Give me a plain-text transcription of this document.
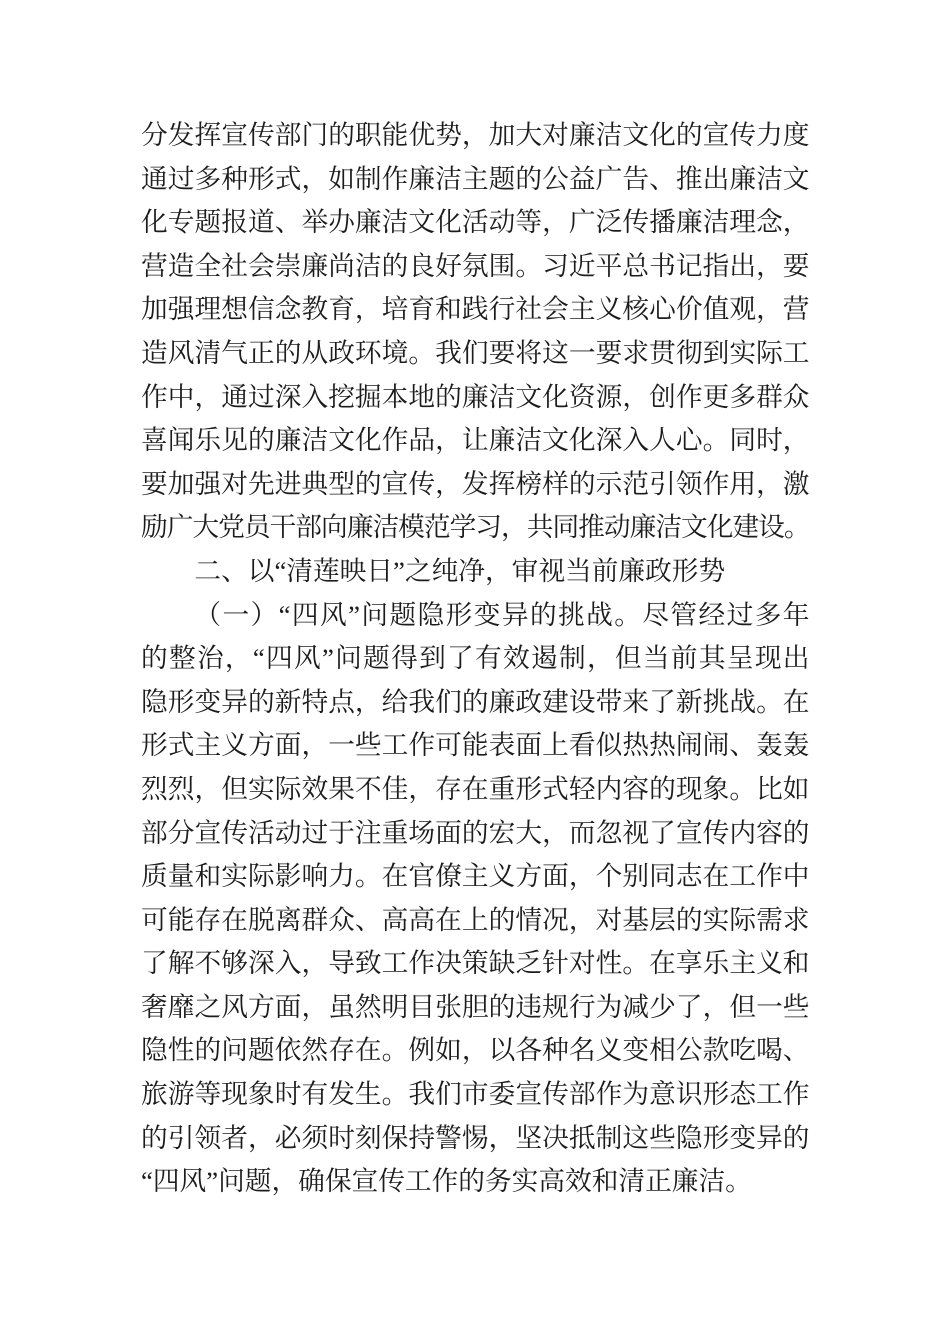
分发挥宣传部门的职能优势，加大对廉洁文化的宣传力度
通过多种形式，如制作廉洁主题的公益广告、推出廉洁文
化专题报道、举办廉洁文化活动等，广泛传播廉洁理念，
营造全社会崇廉尚洁的良好氛围。习近平总书记指出，要
加强理想信念教育，培育和践行社会主义核心价值观，营
造风清气正的从政环境。我们要将这一要求贯彻到实际工
作中，通过深入挖掘本地的廉洁文化资源，创作更多群众
喜闻乐见的廉洁文化作品，让廉洁文化深入人心。同时，
要加强对先进典型的宣传，发挥榜样的示范引领作用，激
励广大党员干部向廉洁模范学习，共同推动廉洁文化建设。
二、以“清莲映日”之纯净，审视当前廉政形势
（一）“四风”问题隐形变异的挑战。尽管经过多年
的整治，“四风”问题得到了有效遏制，但当前其呈现出
隐形变异的新特点，给我们的廉政建设带来了新挑战。在
形式主义方面，一些工作可能表面上看似热热闹闹、轰轰
烈烈，但实际效果不佳，存在重形式轻内容的现象。比如
部分宣传活动过于注重场面的宏大，而忽视了宣传内容的
质量和实际影响力。在官僚主义方面，个别同志在工作中
可能存在脱离群众、高高在上的情况，对基层的实际需求
了解不够深入，导致工作决策缺乏针对性。在享乐主义和
奢靡之风方面，虽然明目张胆的违规行为减少了，但一些
隐性的问题依然存在。例如，以各种名义变相公款吃喝、
旅游等现象时有发生。我们市委宣传部作为意识形态工作
的引领者，必须时刻保持警惕，坚决抵制这些隐形变异的
“四风”问题，确保宣传工作的务实高效和清正廉洁。
